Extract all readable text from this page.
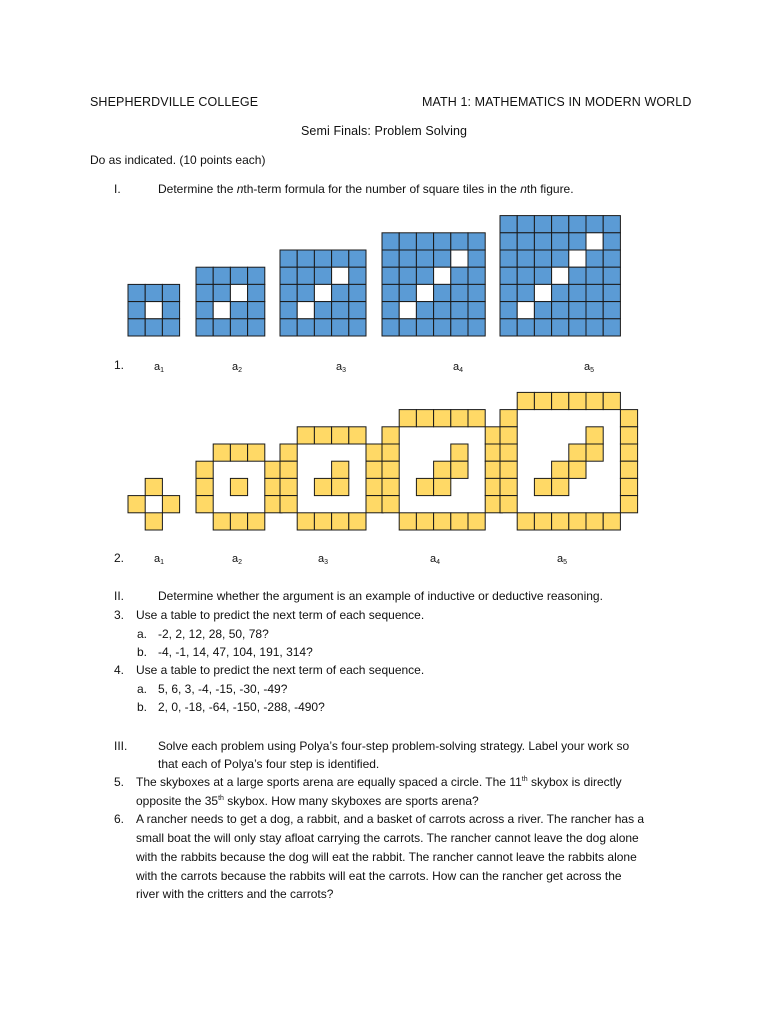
SHEPHERDVILLE COLLEGE	MATH 1: MATHEMATICS IN MODERN WORLD
Semi Finals: Problem Solving
Do as indicated. (10 points each)
I.	Determine the nth-term formula for the number of square tiles in the nth figure.
1.	$a_1$	$a_2$	$a_3$	$a_4$	$a_5$
2.	$a_1$	$a_2$	$a_3$	$a_4$	$a_5$
II.	Determine whether the argument is an example of inductive or deductive reasoning.
3. Use a table to predict the next term of each sequence.
a. -2, 2, 12, 28, 50, 78?
b. -4, -1, 14, 47, 104, 191, 314?
4. Use a table to predict the next term of each sequence.
a. 5, 6, 3, -4, -15, -30, -49?
b. 2, 0, -18, -64, -150, -288, -490?
III.	Solve each problem using Polya’s four-step problem-solving strategy. Label your work so
that each of Polya’s four step is identified.
5. The skyboxes at a large sports arena are equally spaced a circle. The 11th skybox is directly
opposite the 35th skybox. How many skyboxes are sports arena?
6. A rancher needs to get a dog, a rabbit, and a basket of carrots across a river. The rancher has a
small boat the will only stay afloat carrying the carrots. The rancher cannot leave the dog alone
with the rabbits because the dog will eat the rabbit. The rancher cannot leave the rabbits alone
with the carrots because the rabbits will eat the carrots. How can the rancher get across the
river with the critters and the carrots?
